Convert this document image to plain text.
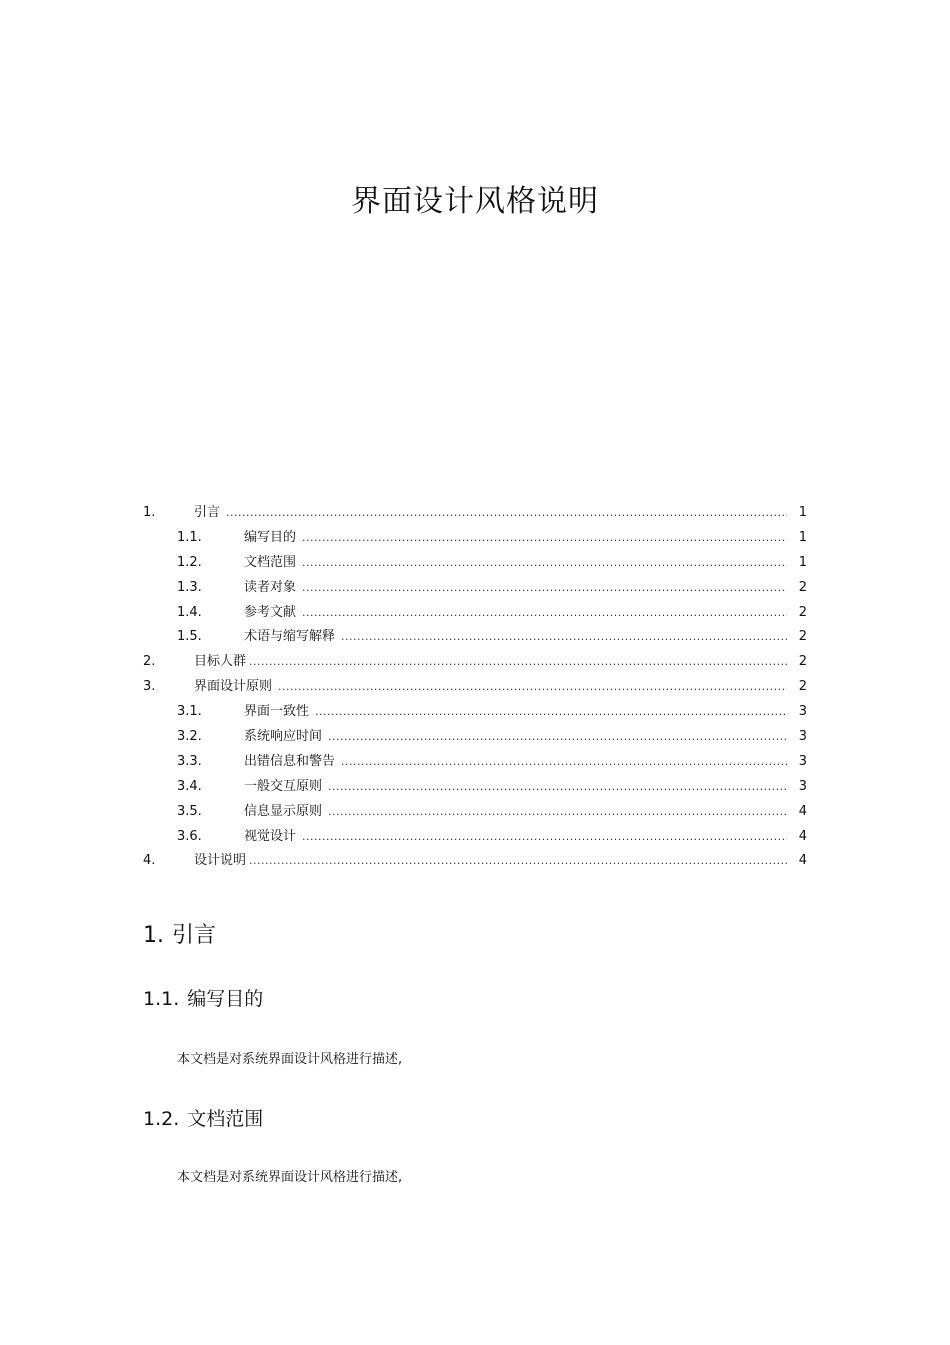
界面设计风格说明
1.	引言 .....	1
1.1.	编写目的 .....	1
1.2.	文档范围 .....	1
1.3.	读者对象 .....	2
1.4.	参考文献 .....	2
1.5.	术语与缩写解释 .....	2
2.	目标人群 .....	2
3.	界面设计原则 .....	2
3.1.	界面一致性 .....	3
3.2.	系统响应时间 .....	3
3.3.	出错信息和警告 .....	3
3.4.	一般交互原则 .....	3
3.5.	信息显示原则 .....	4
3.6.	视觉设计 .....	4
4.	设计说明 .....	4
1. 引言
1.1. 编写目的
本文档是对系统界面设计风格进行描述,
1.2. 文档范围
本文档是对系统界面设计风格进行描述,
